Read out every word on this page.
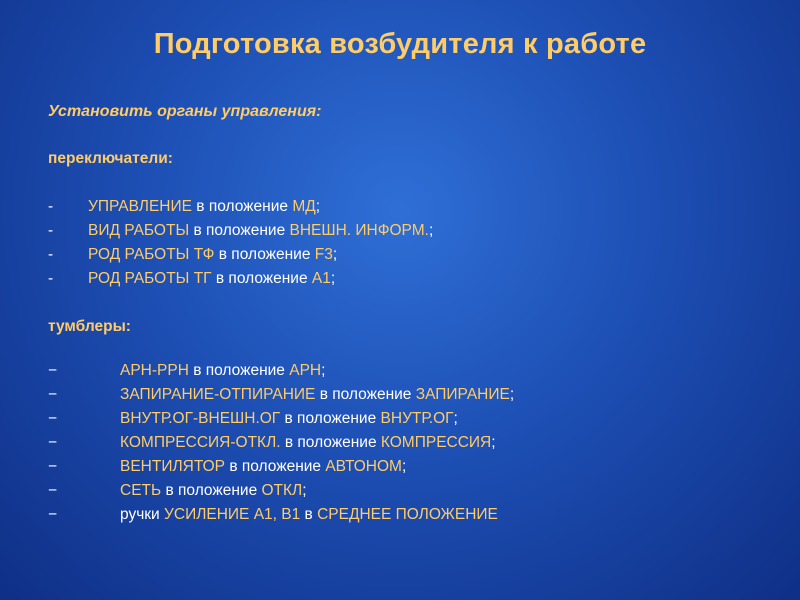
Подготовка возбудителя к работе
Установить органы управления:
переключатели:
- УПРАВЛЕНИЕ в положение МД;
- ВИД РАБОТЫ в положение ВНЕШН. ИНФОРМ.;
- РОД РАБОТЫ ТФ в положение F3;
- РОД РАБОТЫ ТГ в положение А1;
тумблеры:
−	АРН-РРН в положение АРН;
−	ЗАПИРАНИЕ-ОТПИРАНИЕ в положение ЗАПИРАНИЕ;
−	ВНУТР.ОГ-ВНЕШН.ОГ в положение ВНУТР.ОГ;
−	КОМПРЕССИЯ-ОТКЛ. в положение КОМПРЕССИЯ;
−	ВЕНТИЛЯТОР в положение АВТОНОМ;
−	СЕТЬ в положение ОТКЛ;
−	ручки УСИЛЕНИЕ А1, В1 в СРЕДНЕЕ ПОЛОЖЕНИЕ
